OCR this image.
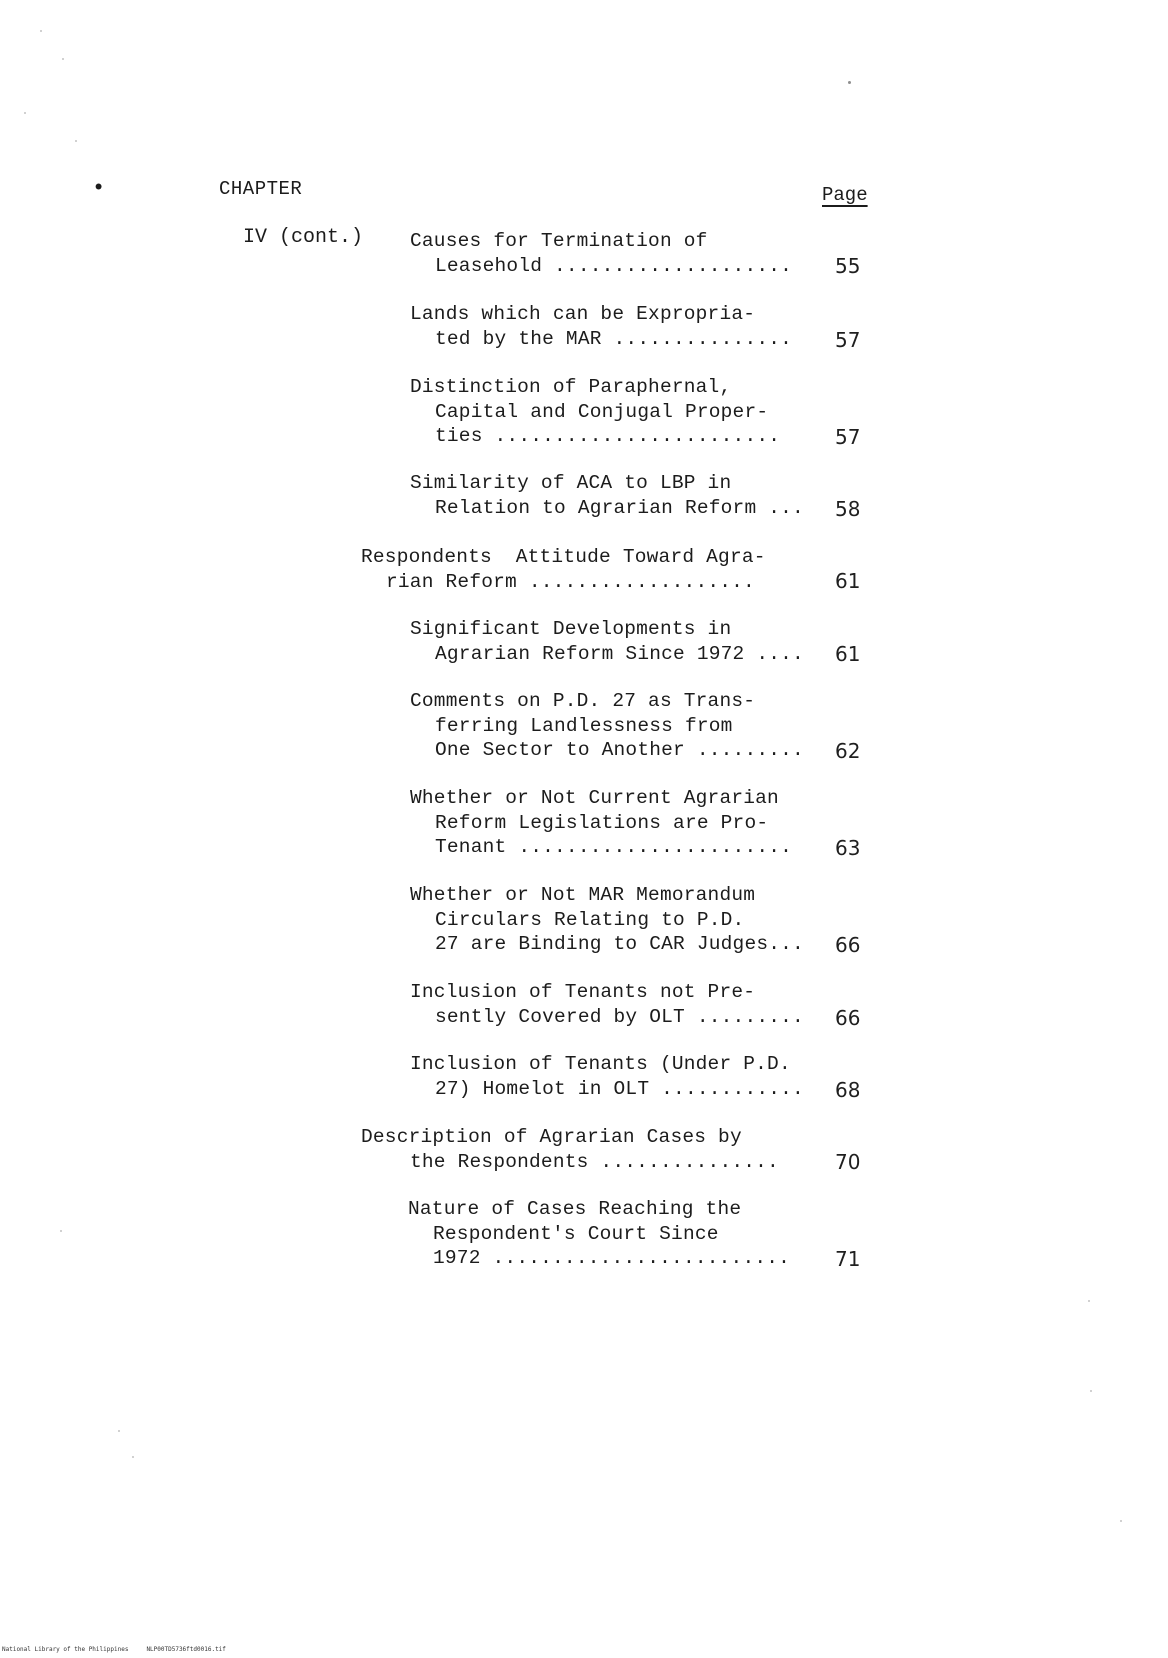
•	CHAPTER	Page
IV (cont.) Causes for Termination of
Leasehold ....................	55
Lands which can be Expropria-
ted by the MAR ...............	57
Distinction of Paraphernal,
Capital and Conjugal Proper-
ties ........................	57
Similarity of ACA to LBP in
Relation to Agrarian Reform ...	58
Respondents  Attitude Toward Agra-
rian Reform ...................	61
Significant Developments in
Agrarian Reform Since 1972 ....	61
Comments on P.D. 27 as Trans-
ferring Landlessness from
One Sector to Another .........	62
Whether or Not Current Agrarian
Reform Legislations are Pro-
Tenant .......................	63
Whether or Not MAR Memorandum
Circulars Relating to P.D.
27 are Binding to CAR Judges...	66
Inclusion of Tenants not Pre-
sently Covered by OLT .........	66
Inclusion of Tenants (Under P.D.
27) Homelot in OLT ............	68
Description of Agrarian Cases by
the Respondents ...............	70
Nature of Cases Reaching the
Respondent's Court Since
1972 .........................	71
National Library of the Philippines	NLP00TD5736ftd0016.tif
